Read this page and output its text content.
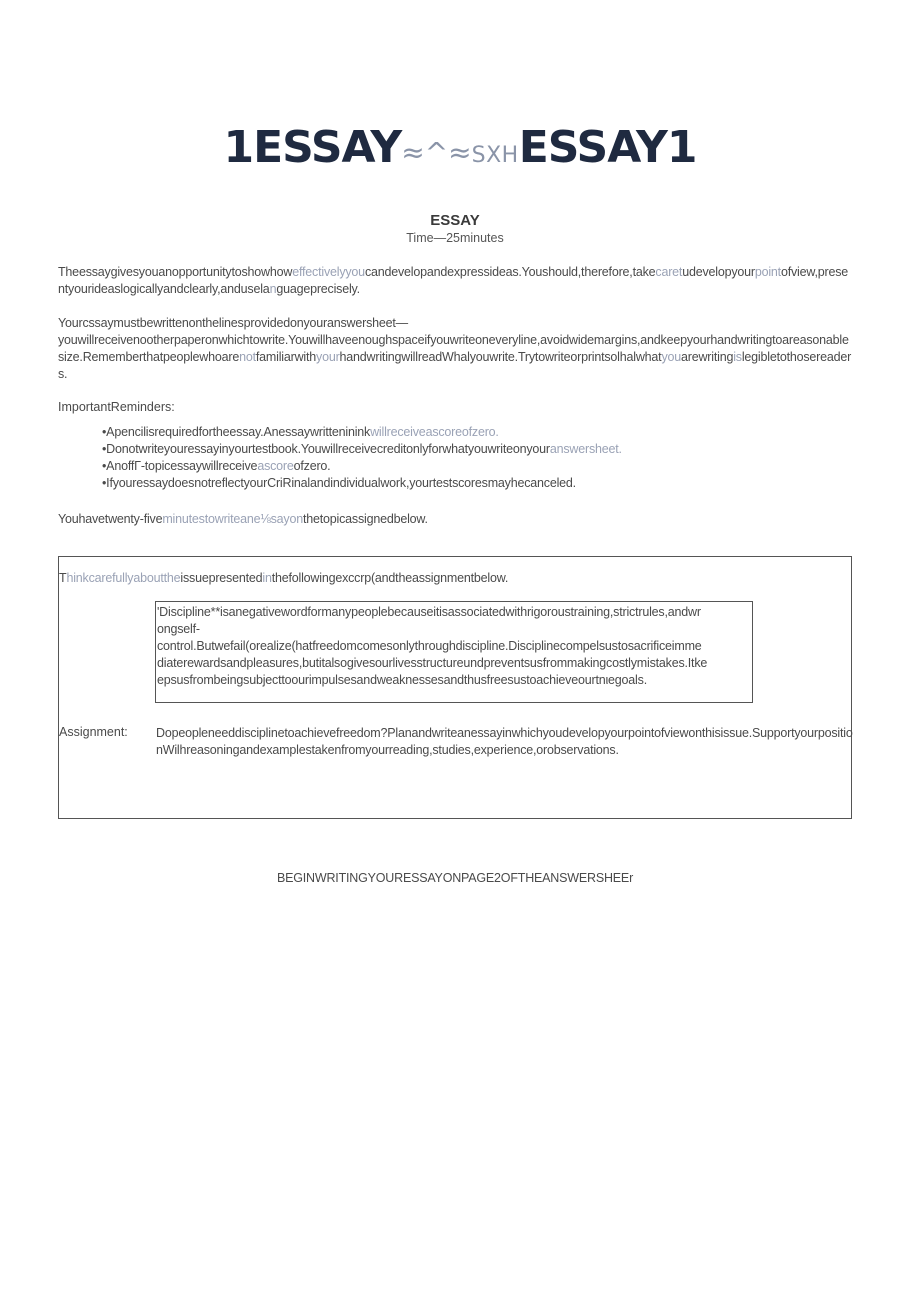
1ESSAY≈^≈SXHESSAY1
ESSAY
Time—25minutes
Theessaygivesyouanopportunitytoshowhoweffectivelyyoucandevelopandexpressideas.Youshould,therefore,takecaretudevelopyourpointofview,presentyourideaslogicallyandclearly,anduselanguageprecisely.
Yourcssaymustbewrittenonthelinesprovidedonyouranswersheet—
youwillreceivenootherpaperonwhichtowrite.Youwillhaveenoughspaceifyouwriteoneveryline,avoidwidemargins,andkeepyourhandwritingtoareasonablesize.RememberthatpeoplewhoarenotfamiliarwithyourhandwritingwillreadWhalyouwrite.Trytowriteorprintsolhalwhatyouarewritingislegibletothosereaders.
ImportantReminders:
•Apencilisrequiredfortheessay.Anessaywrittenininkwillreceiveascoreofzero.
•Donotwriteyouressayinyourtestbook.Youwillreceivecreditonlyforwhatyouwriteonyouranswersheet.
•AnoffΓ-topicessaywillreceiveascoreofzero.
•IfyouressaydoesnotreflectyourCriRinalandindividualwork,yourtestscoresmayhecanceled.
Youhavetwenty-fiveminutestowriteane⅛sayonthetopicassignedbelow.
Thinkcarefullyabouttheissuepresentedinthefollowingexccrp(andtheassignmentbelow.
'Discipline**isanegativewordformanypeoplebecauseitisassociatedwithrigoroustraining,strictrules,andwr
ongself-
control.Butwefail(orealize(hatfreedomcomesonlythroughdiscipline.Disciplinecompelsustosacrificeimme
diaterewardsandpleasures,butitalsogivesourlivesstructureundpreventsusfrommakingcostlymistakes.Itke
epsusfrombeingsubjecttoourimpulsesandweaknessesandthusfreesustoachieveourtnιegoals.
Assignment: Dopeopleneeddisciplinetoachievefreedom?Planandwriteanessayinwhichyoudevelopyourpointofviewonthisissue.SupportyourpositionWilhreasoningandexamplestakenfromyourreading,studies,experience,orobservations.
BEGINWRITINGYOURESSAYONPAGE2OFTHEANSWERSHEEr
